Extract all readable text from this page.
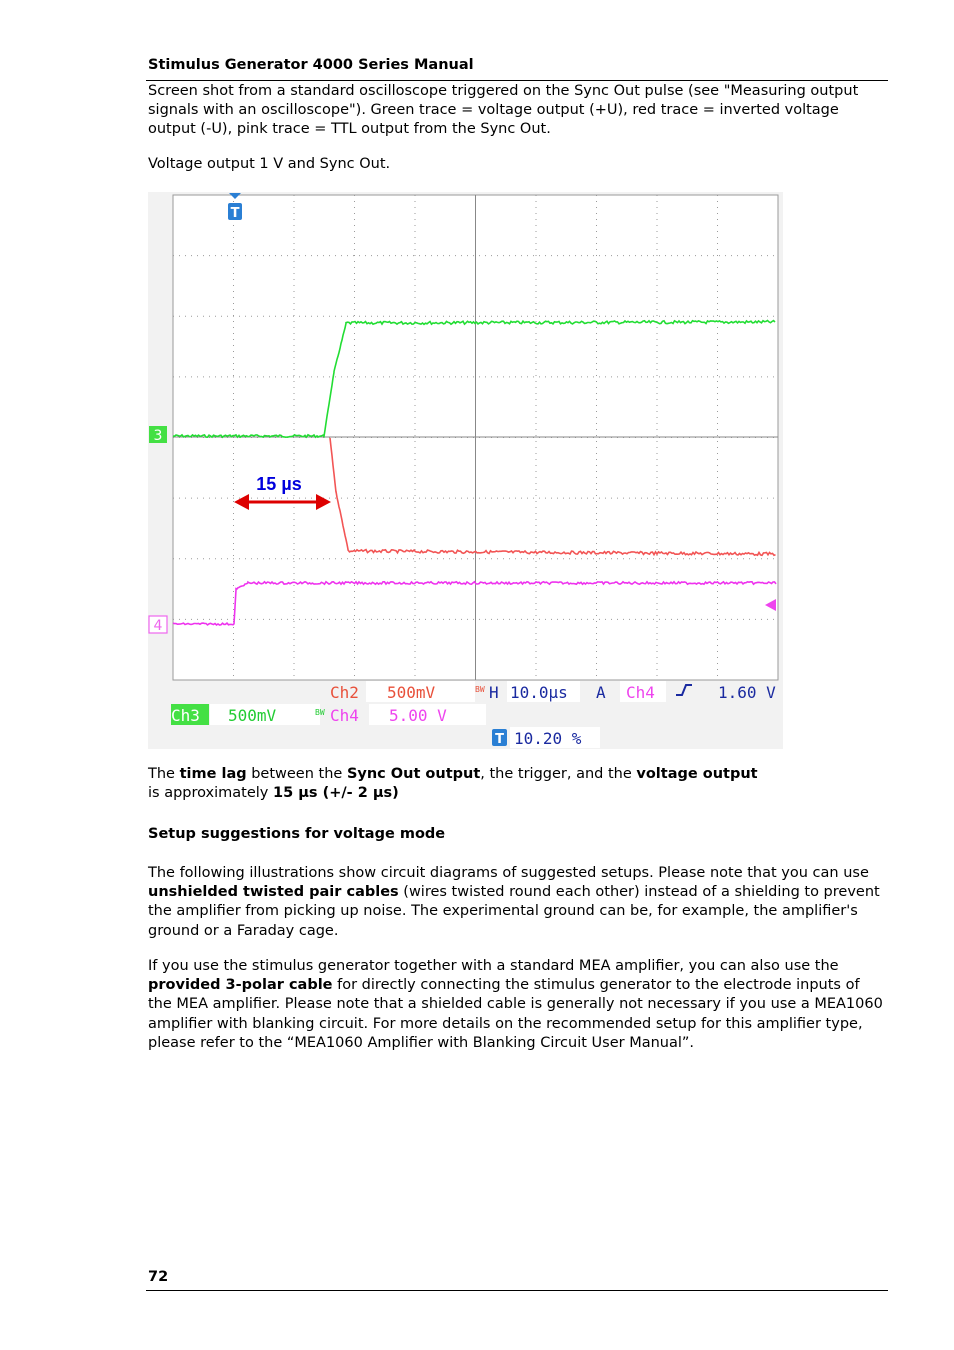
Stimulus Generator 4000 Series Manual
Screen shot from a standard oscilloscope triggered on the Sync Out pulse (see "Measuring output signals with an oscilloscope"). Green trace = voltage output (+U), red trace = inverted voltage output (-U), pink trace = TTL output from the Sync Out.
Voltage output 1 V and Sync Out.
T
3
4
15 µs
Ch2 500mV	BW H 10.0µs A Ch4	1.60 V
Ch3 500mV	BW Ch4 5.00 V
T 10.20 %
The time lag between the Sync Out output, the trigger, and the voltage output
is approximately 15 µs (+/- 2 µs)
Setup suggestions for voltage mode
The following illustrations show circuit diagrams of suggested setups. Please note that you can use unshielded twisted pair cables (wires twisted round each other) instead of a shielding to prevent the amplifier from picking up noise. The experimental ground can be, for example, the amplifier's ground or a Faraday cage.
If you use the stimulus generator together with a standard MEA amplifier, you can also use the provided 3-polar cable for directly connecting the stimulus generator to the electrode inputs of the MEA amplifier. Please note that a shielded cable is generally not necessary if you use a MEA1060 amplifier with blanking circuit. For more details on the recommended setup for this amplifier type, please refer to the “MEA1060 Amplifier with Blanking Circuit User Manual”.
72
